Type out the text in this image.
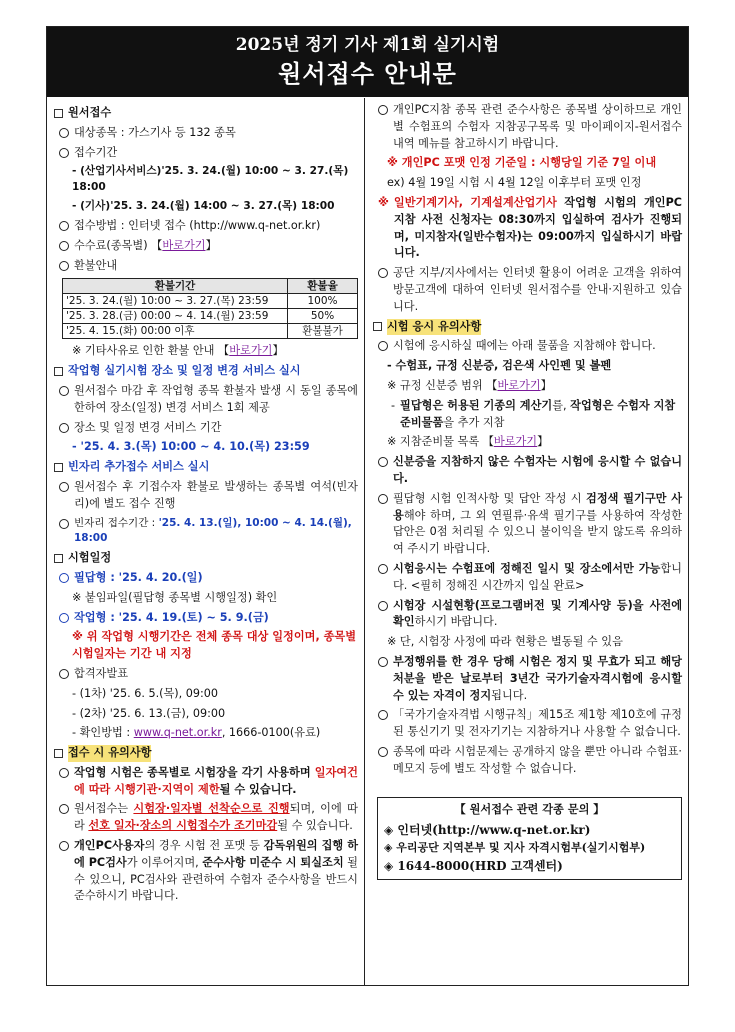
2025년 정기 기사 제1회 실기시험
원서접수 안내문
원서접수
대상종목 : 가스기사 등 132 종목
접수기간
- (산업기사서비스)'25. 3. 24.(월) 10:00 ~ 3. 27.(목) 18:00
- (기사)'25. 3. 24.(월) 14:00 ~ 3. 27.(목) 18:00
접수방법 : 인터넷 접수 (http://www.q-net.or.kr)
수수료(종목별) 【바로가기】
환불안내
환불기간	환불율
'25. 3. 24.(월) 10:00 ~ 3. 27.(목) 23:59	100%
'25. 3. 28.(금) 00:00 ~ 4. 14.(월) 23:59	50%
'25. 4. 15.(화) 00:00 이후	환불불가
※ 기타사유로 인한 환불 안내 【바로가기】
작업형 실기시험 장소 및 일정 변경 서비스 실시
원서접수 마감 후 작업형 종목 환불자 발생 시 동일 종목에 한하여 장소(일정) 변경 서비스 1회 제공
장소 및 일정 변경 서비스 기간
- '25. 4. 3.(목) 10:00 ~ 4. 10.(목) 23:59
빈자리 추가접수 서비스 실시
원서접수 후 기접수자 환불로 발생하는 종목별 여석(빈자리)에 별도 접수 진행
빈자리 접수기간 : '25. 4. 13.(일), 10:00 ~ 4. 14.(월), 18:00
시험일정
필답형 : '25. 4. 20.(일)
※ 붙임파일(필답형 종목별 시행일정) 확인
작업형 : '25. 4. 19.(토) ~ 5. 9.(금)
※ 위 작업형 시행기간은 전체 종목 대상 일정이며, 종목별 시험일자는 기간 내 지정
합격자발표
- (1차) '25. 6. 5.(목), 09:00
- (2차) '25. 6. 13.(금), 09:00
- 확인방법 : www.q-net.or.kr, 1666-0100(유료)
접수 시 유의사항
작업형 시험은 종목별로 시험장을 각기 사용하며 일자여건에 따라 시행기관·지역이 제한될 수 있습니다.
원서접수는 시험장·일자별 선착순으로 진행되며, 이에 따라 선호 일자·장소의 시험접수가 조기마감될 수 있습니다.
개인PC사용자의 경우 시험 전 포맷 등 감독위원의 집행 하에 PC검사가 이루어지며, 준수사항 미준수 시 퇴실조치 될 수 있으니, PC검사와 관련하여 수험자 준수사항을 반드시 준수하시기 바랍니다.
개인PC지참 종목 관련 준수사항은 종목별 상이하므로 개인별 수험표의 수험자 지참공구목록 및 마이페이지-원서접수내역 메뉴를 참고하시기 바랍니다.
※ 개인PC 포맷 인정 기준일 : 시행당일 기준 7일 이내
ex) 4월 19일 시험 시 4월 12일 이후부터 포맷 인정
※ 일반기계기사, 기계설계산업기사 작업형 시험의 개인PC 지참 사전 신청자는 08:30까지 입실하여 검사가 진행되며, 미지참자(일반수험자)는 09:00까지 입실하시기 바랍니다.
공단 지부/지사에서는 인터넷 활용이 어려운 고객을 위하여 방문고객에 대하여 인터넷 원서접수를 안내·지원하고 있습니다.
시험 응시 유의사항
시험에 응시하실 때에는 아래 물품을 지참해야 합니다.
- 수험표, 규정 신분증, 검은색 사인펜 및 볼펜
※ 규정 신분증 범위 【바로가기】
- 필답형은 허용된 기종의 계산기를, 작업형은 수험자 지참준비물품을 추가 지참
※ 지참준비물 목록 【바로가기】
신분증을 지참하지 않은 수험자는 시험에 응시할 수 없습니다.
필답형 시험 인적사항 및 답안 작성 시 검정색 필기구만 사용해야 하며, 그 외 연필류·유색 필기구를 사용하여 작성한 답안은 0점 처리될 수 있으니 불이익을 받지 않도록 유의하여 주시기 바랍니다.
시험응시는 수험표에 정해진 일시 및 장소에서만 가능합니다. <필히 정해진 시간까지 입실 완료>
시험장 시설현황(프로그램버전 및 기계사양 등)을 사전에 확인하시기 바랍니다.
※ 단, 시험장 사정에 따라 현황은 별동될 수 있음
부정행위를 한 경우 당해 시험은 정지 및 무효가 되고 해당 처분을 받은 날로부터 3년간 국가기술자격시험에 응시할 수 있는 자격이 정지됩니다.
「국가기술자격법 시행규칙」제15조 제1항 제10호에 규정된 통신기기 및 전자기기는 지참하거나 사용할 수 없습니다.
종목에 따라 시험문제는 공개하지 않을 뿐만 아니라 수험표·메모지 등에 별도 작성할 수 없습니다.
【 원서접수 관련 각종 문의 】
◈ 인터넷(http://www.q-net.or.kr)
◈ 우리공단 지역본부 및 지사 자격시험부(실기시험부)
◈ 1644-8000(HRD 고객센터)
